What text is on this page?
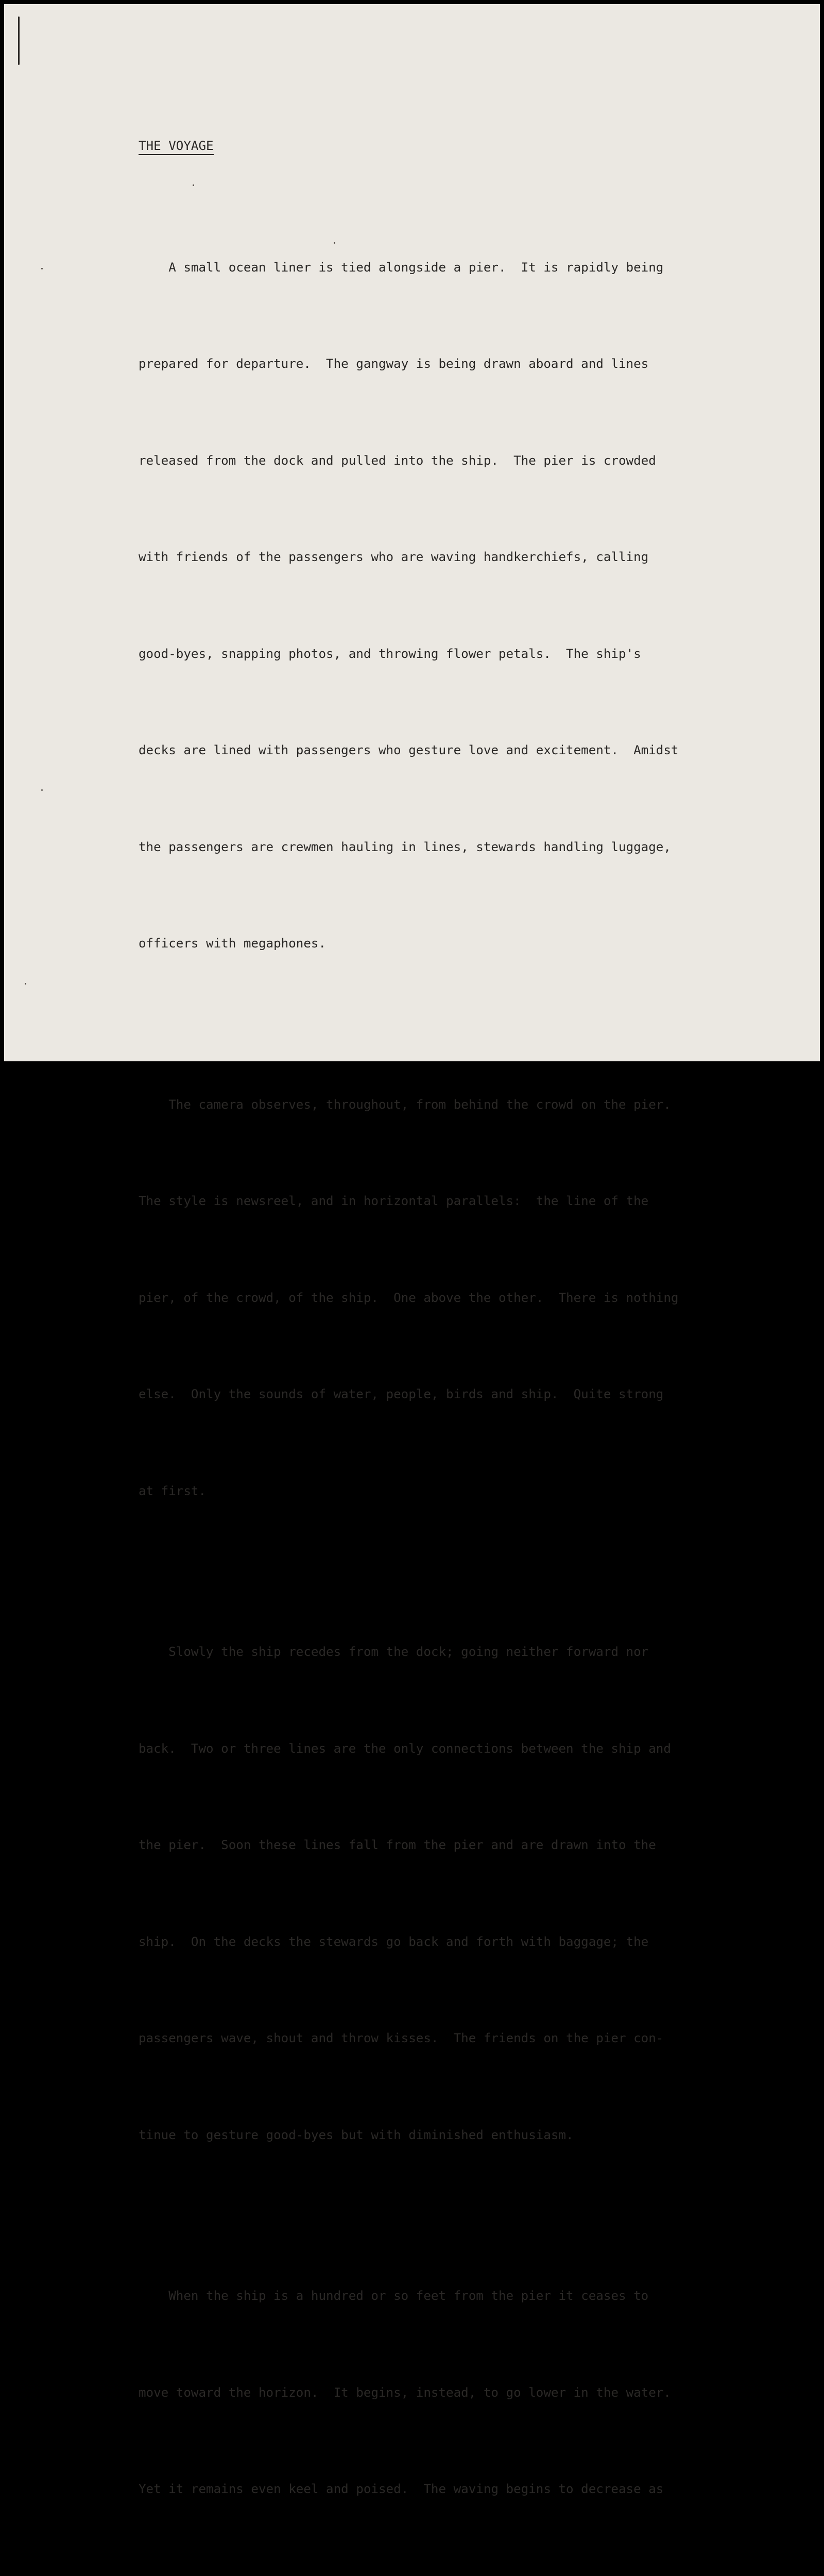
THE VOYAGE

A small ocean liner is tied alongside a pier.  It is rapidly being

prepared for departure.  The gangway is being drawn aboard and lines

released from the dock and pulled into the ship.  The pier is crowded

with friends of the passengers who are waving handkerchiefs, calling

good-byes, snapping photos, and throwing flower petals.  The ship's

decks are lined with passengers who gesture love and excitement.  Amidst

the passengers are crewmen hauling in lines, stewards handling luggage,

officers with megaphones.

The camera observes, throughout, from behind the crowd on the pier.

The style is newsreel, and in horizontal parallels:  the line of the

pier, of the crowd, of the ship.  One above the other.  There is nothing

else.  Only the sounds of water, people, birds and ship.  Quite strong

at first.

Slowly the ship recedes from the dock; going neither forward nor

back.  Two or three lines are the only connections between the ship and

the pier.  Soon these lines fall from the pier and are drawn into the

ship.  On the decks the stewards go back and forth with baggage; the

passengers wave, shout and throw kisses.  The friends on the pier con-

tinue to gesture good-byes but with diminished enthusiasm.

When the ship is a hundred or so feet from the pier it ceases to

move toward the horizon.  It begins, instead, to go lower in the water.

Yet it remains even keel and poised.  The waving begins to decrease as
